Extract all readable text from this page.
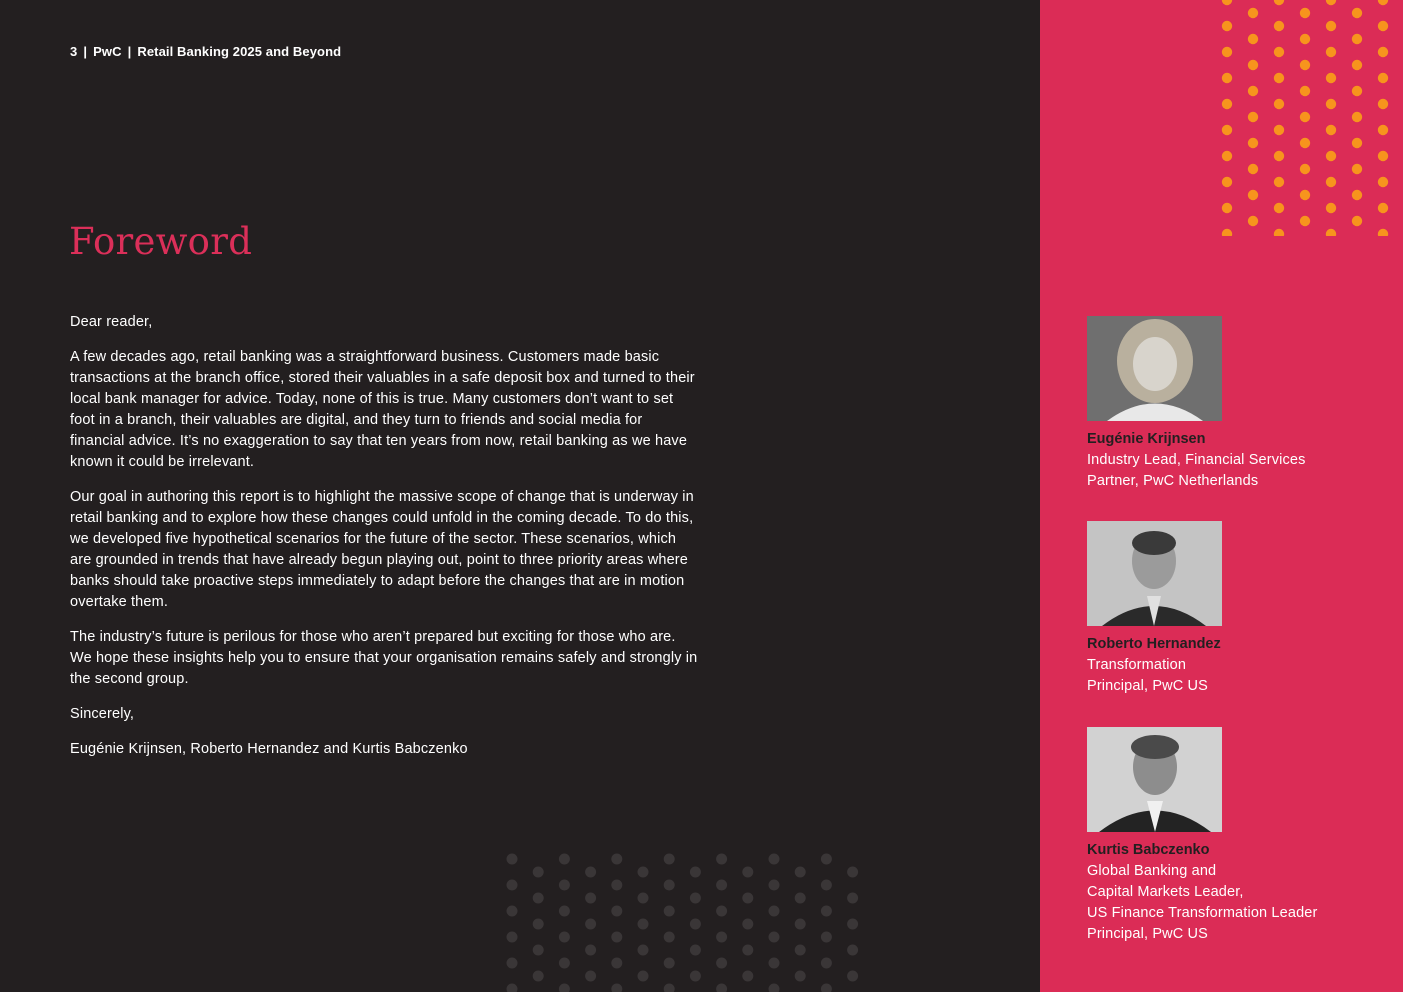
3 | PwC | Retail Banking 2025 and Beyond
Foreword

Dear reader,

A few decades ago, retail banking was a straightforward business. Customers made basic transactions at the branch office, stored their valuables in a safe deposit box and turned to their local bank manager for advice. Today, none of this is true. Many customers don’t want to set foot in a branch, their valuables are digital, and they turn to friends and social media for financial advice. It’s no exaggeration to say that ten years from now, retail banking as we have known it could be irrelevant.

Our goal in authoring this report is to highlight the massive scope of change that is underway in retail banking and to explore how these changes could unfold in the coming decade. To do this, we developed five hypothetical scenarios for the future of the sector. These scenarios, which are grounded in trends that have already begun playing out, point to three priority areas where banks should take proactive steps immediately to adapt before the changes that are in motion overtake them.

The industry’s future is perilous for those who aren’t prepared but exciting for those who are. We hope these insights help you to ensure that your organisation remains safely and strongly in the second group.

Sincerely,

Eugénie Krijnsen, Roberto Hernandez and Kurtis Babczenko

Eugénie Krijnsen
Industry Lead, Financial Services
Partner, PwC Netherlands
Roberto Hernandez
Transformation
Principal, PwC US
Kurtis Babczenko
Global Banking and
Capital Markets Leader,
US Finance Transformation Leader
Principal, PwC US
